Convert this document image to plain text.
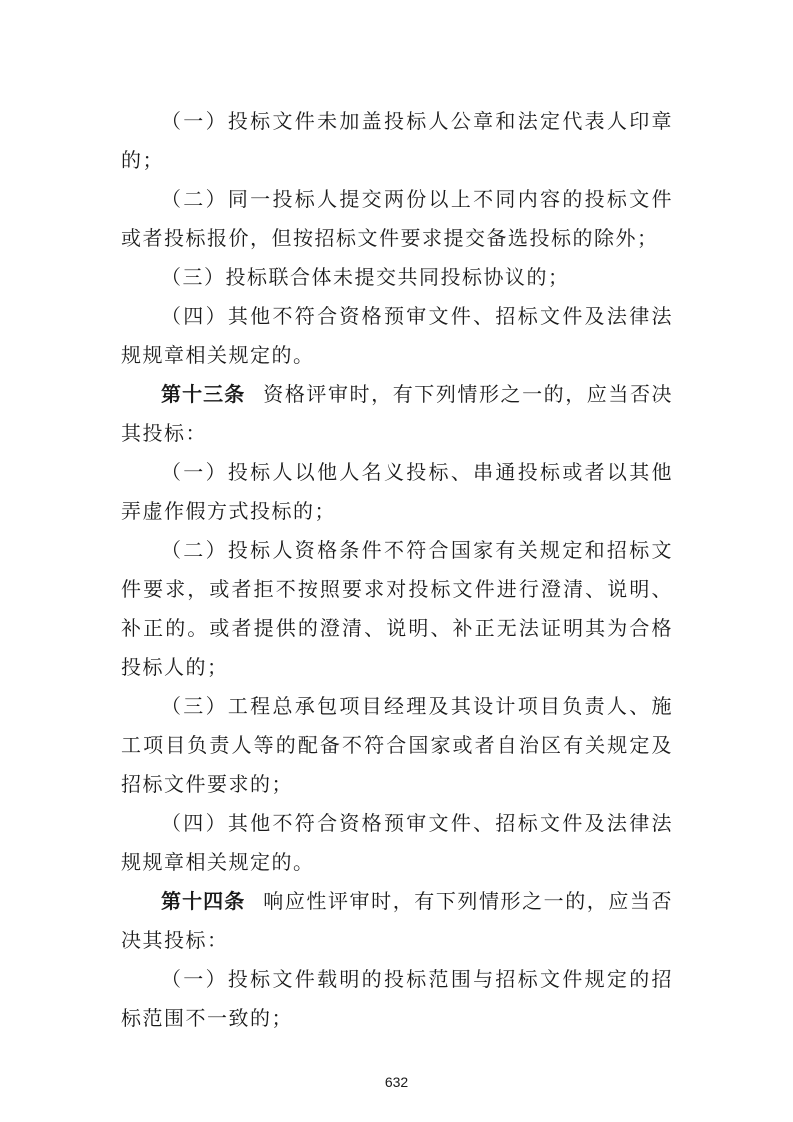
（一）投标文件未加盖投标人公章和法定代表人印章的；

（二）同一投标人提交两份以上不同内容的投标文件或者投标报价，但按招标文件要求提交备选投标的除外；

（三）投标联合体未提交共同投标协议的；

（四）其他不符合资格预审文件、招标文件及法律法规规章相关规定的。

第十三条 资格评审时，有下列情形之一的，应当否决其投标：

（一）投标人以他人名义投标、串通投标或者以其他弄虚作假方式投标的；

（二）投标人资格条件不符合国家有关规定和招标文件要求，或者拒不按照要求对投标文件进行澄清、说明、补正的。或者提供的澄清、说明、补正无法证明其为合格投标人的；

（三）工程总承包项目经理及其设计项目负责人、施工项目负责人等的配备不符合国家或者自治区有关规定及招标文件要求的；

（四）其他不符合资格预审文件、招标文件及法律法规规章相关规定的。

第十四条 响应性评审时，有下列情形之一的，应当否决其投标：

（一）投标文件载明的投标范围与招标文件规定的招标范围不一致的；

632
